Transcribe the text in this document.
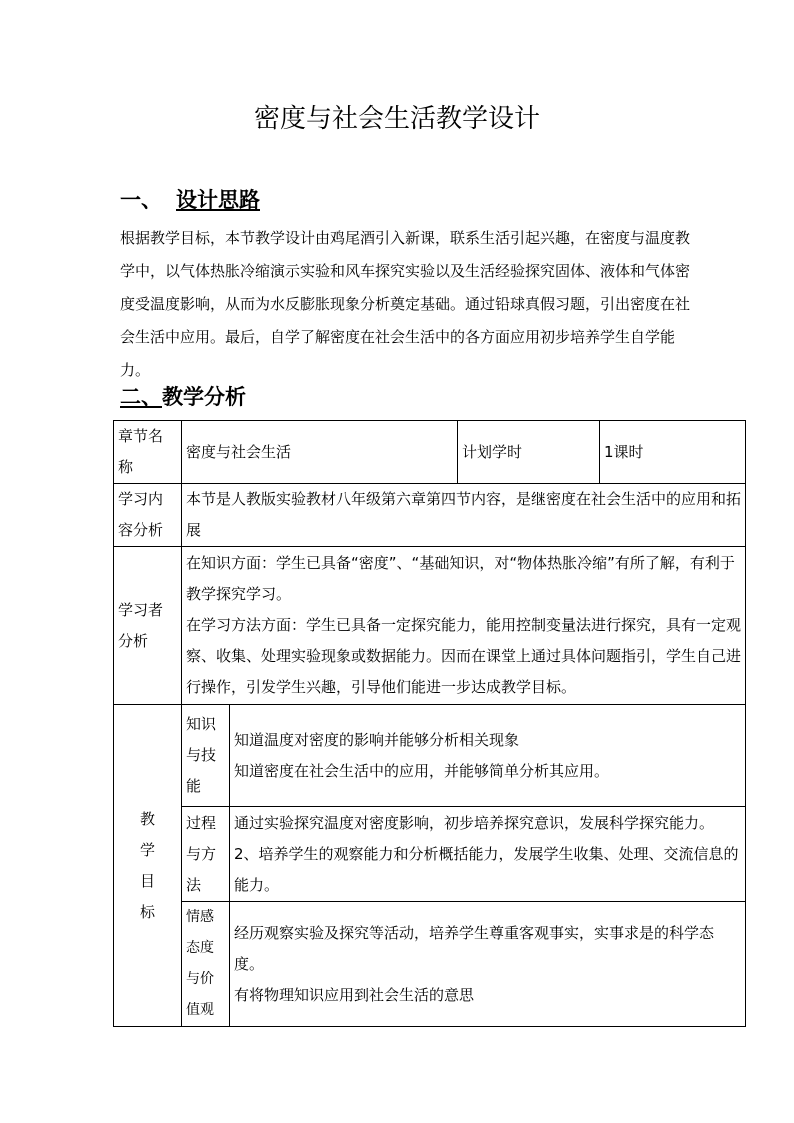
密度与社会生活教学设计
一、 设计思路
根据教学目标，本节教学设计由鸡尾酒引入新课，联系生活引起兴趣，在密度与温度教学中，以气体热胀冷缩演示实验和风车探究实验以及生活经验探究固体、液体和气体密度受温度影响，从而为水反膨胀现象分析奠定基础。通过铅球真假习题，引出密度在社会生活中应用。最后，自学了解密度在社会生活中的各方面应用初步培养学生自学能力。
二、教学分析
章节名称	密度与社会生活		计划学时	1课时
学习内容分析	本节是人教版实验教材八年级第六章第四节内容，是继密度在社会生活中的应用和拓展			
学习者分析	在知识方面：学生已具备“密度”、“基础知识，对“物体热胀冷缩”有所了解，有利于教学探究学习。
在学习方法方面：学生已具备一定探究能力，能用控制变量法进行探究，具有一定观察、收集、处理实验现象或数据能力。因而在课堂上通过具体问题指引，学生自己进行操作，引发学生兴趣，引导他们能进一步达成教学目标。			

教学目标	知识与技能	知道温度对密度的影响并能够分析相关现象
知道密度在社会生活中的应用，并能够简单分析其应用。		

	过程与方法	通过实验探究温度对密度影响，初步培养探究意识，发展科学探究能力。
2、培养学生的观察能力和分析概括能力，发展学生收集、处理、交流信息的能力。		

	情感态度与价值观	经历观察实验及探究等活动，培养学生尊重客观事实，实事求是的科学态度。
有将物理知识应用到社会生活的意思		
